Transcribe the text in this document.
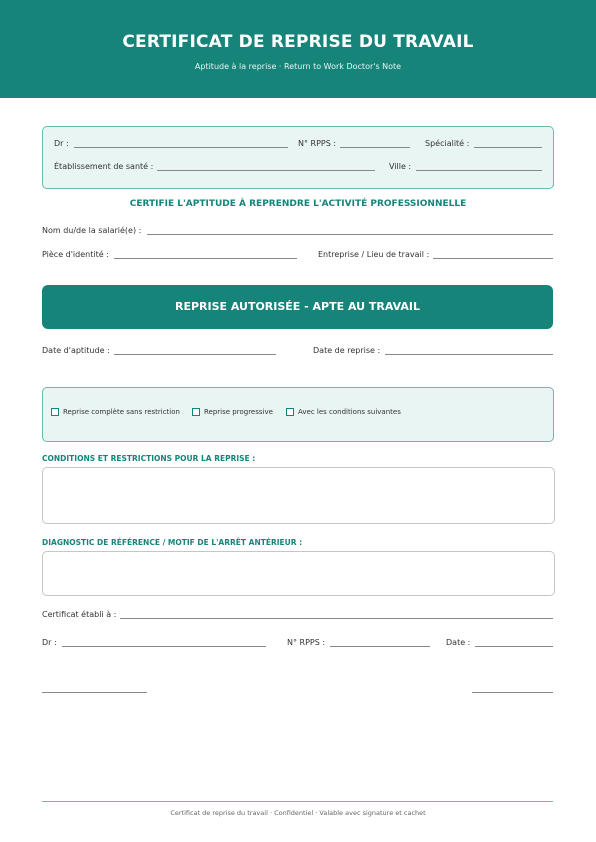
CERTIFICAT DE REPRISE DU TRAVAIL
Aptitude à la reprise · Return to Work Doctor's Note
Dr :	N° RPPS :	Spécialité :
Établissement de santé :	Ville :
CERTIFIE L'APTITUDE À REPRENDRE L'ACTIVITÉ PROFESSIONNELLE
Nom du/de la salarié(e) :
Pièce d'identité :	Entreprise / Lieu de travail :
REPRISE AUTORISÉE - APTE AU TRAVAIL
Date d'aptitude :	Date de reprise :
Reprise complète sans restriction	Reprise progressive	Avec les conditions suivantes
CONDITIONS ET RESTRICTIONS POUR LA REPRISE :
DIAGNOSTIC DE RÉFÉRENCE / MOTIF DE L'ARRÊT ANTÉRIEUR :
Certificat établi à :
Dr :	N° RPPS :	Date :
Certificat de reprise du travail · Confidentiel · Valable avec signature et cachet
